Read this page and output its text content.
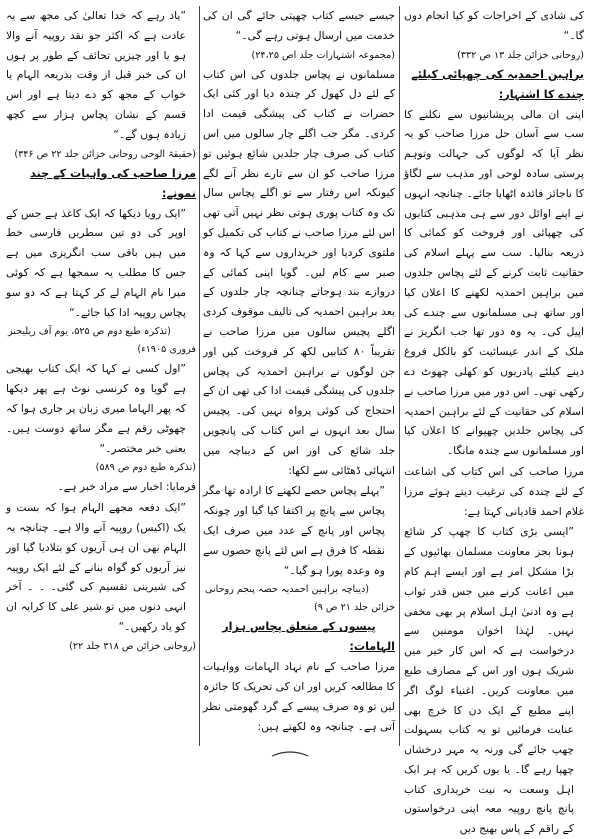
کی شادی کے اخراجات کو کیا انجام دوں گا۔“

(روحانی خزائن جلد ۱۳ ص ۳۳۲)

براہین احمدیہ کی چھپائی کیلئے چندے کا اشتہار:

اپنی ان مالی پریشانیوں سے نکلنے کا سب سے آسان حل مرزا صاحب کو یہ نظر آیا کہ لوگوں کی جہالت وتوہم پرستی سادہ لوحی اور مذہب سے لگاؤ کا ناجائز فائدہ اٹھایا جائے۔ چنانچہ انہوں نے اپنے اوائل دور سے ہی مذہبی کتابوں کی چھپائی اور فروخت کو کمائی کا ذریعہ بنالیا۔ سب سے پہلے اسلام کی حقانیت ثابت کرنے کے لئے پچاس جلدوں میں براہین احمدیہ لکھنے کا اعلان کیا اور ساتھ ہی مسلمانوں سے چندے کی اپیل کی۔ یہ وہ دور تھا جب انگریز نے ملک کے اندر عیسائیت کو بالکل فروغ دینے کیلئے پادریوں کو کھلی چھوٹ دے رکھی تھی۔ اس دور میں مرزا صاحب نے اسلام کی حقانیت کے لئے براہین احمدیہ کی پچاس جلدیں چھپوانے کا اعلان کیا اور مسلمانوں سے چندہ مانگا۔

مرزا صاحب کی اس کتاب کی اشاعت کے لئے چندہ کی ترغیب دیتے ہوئے مرزا غلام احمد قادیانی کہتا ہے:

”ایسی بڑی کتاب کا چھپ کر شائع ہونا بجز معاونت مسلمان بھائیوں کے بڑا مشکل امر ہے اور ایسے اہم کام میں اعانت کرنے میں جس قدر ثواب ہے وہ ادنیٰ اہل اسلام پر بھی مخفی نہیں۔ لہٰذا اخوان مومنین سے درخواست ہے کہ اس کار خیر میں شریک ہوں اور اس کے مصارف طبع میں معاونت کریں۔ اغنیاء لوگ اگر اپنے مطبع کے ایک دن کا خرچ بھی عنایت فرمائیں تو یہ کتاب بسہولت چھپ جائے گی ورنہ یہ مہر درخشاں چھپا رہے گا۔ یا یوں کریں کہ ہر ایک اہل وسعت بہ نیت خریداری کتاب پانچ پانچ روپیہ معہ اپنی درخواستوں کے راقم کے پاس بھیج دیں

جیسے جیسے کتاب چھپتی جائے گی ان کی خدمت میں ارسال ہوتی رہے گی۔“

(مجموعہ اشتہارات جلد اص ۲۴،۲۵)

مسلمانوں نے پچاس جلدوں کی اس کتاب کے لئے دل کھول کر چندہ دیا اور کئی ایک حضرات نے کتاب کی پیشگی قیمت ادا کردی۔ مگر جب اگلے چار سالوں میں اس کتاب کی صرف چار جلدیں شائع ہوئیں تو مرزا صاحب کو ان سے تارے نظر آنے لگے کیونکہ اس رفتار سے تو اگلے پچاس سال تک وہ کتاب پوری ہوتی نظر نہیں آتی تھی اس لئے مرزا صاحب نے کتاب کی تکمیل کو ملتوی کردیا اور خریداروں سے کہا کہ وہ صبر سے کام لیں۔ گویا اپنی کمائی کے دروازے بند ہوجاتے چنانچہ چار جلدوں کے بعد براہین احمدیہ کی تالیف موقوف کردی اگلے پچیس سالوں میں مرزا صاحب نے تقریباً ۸۰ کتابیں لکھ کر فروخت کیں اور جن لوگوں نے براہین احمدیہ کی پچاس جلدوں کی پیشگی قیمت ادا کی تھی ان کے احتجاج کی کوئی پرواہ نہیں کی۔ پچیس سال بعد انہوں نے اس کتاب کی پانچویں جلد شائع کی اور اس کے دیباچہ میں انتہائی ڈھٹائی سے لکھا:

”پہلے پچاس حصے لکھنے کا ارادہ تھا مگر پچاس سے پانچ پر اکتفا کیا گیا اور چونکہ پچاس اور پانچ کے عدد میں صرف ایک نقطہ کا فرق ہے اس لئے پانچ حصوں سے وہ وعدہ پورا ہو گیا۔“

(دیباچہ براہین احمدیہ حصہ پنجم روحانی خزائن جلد ۲۱ ص ۹)

پیسوں کے متعلق پچاس ہزار الہامات:

مرزا صاحب کے نام نہاد الہامات وواہیات کا مطالعہ کریں اور ان کی تحریک کا جائزہ لیں تو وہ صرف پیسے کے گرد گھومتی نظر آتی ہے۔ چنانچہ وہ لکھتے ہیں:

”یاد رہے کہ خدا تعالیٰ کی مجھ سے یہ عادت ہے کہ اکثر جو نقد روپیہ آنے والا ہو یا اور چیزیں تحائف کے طور پر ہوں ان کی خبر قبل از وقت بذریعہ الہام یا خواب کے مجھ کو دے دیتا ہے اور اس قسم کے نشان پچاس ہزار سے کچھ زیادہ ہوں گے۔“

(حقیقۃ الوحی روحانی خزائن جلد ۲۲ ص ۳۴۶)

مرزا صاحب کی واہیات کے چند نمونے:

”ایک رویا دیکھا کہ ایک کاغذ ہے جس کے اوپر کی دو تین سطریں فارسی خط میں ہیں باقی سب انگریزی میں ہے جس کا مطلب یہ سمجھا ہے کہ کوئی میرا نام الہام لے کر کہتا ہے کہ دو سو پچاس روپیہ ادا کیا جائے۔“

(تذکرہ طبع دوم ص ۵۲۵، یوم آف ریلیجنز فروری ۱۹۰۵ء)

”اول کسی نے کہا کہ ایک کتاب بھیجی ہے گویا وہ کرنسی نوٹ ہے پھر دیکھا کہ پھر الہاما میری زبان پر جاری ہوا کہ چھوٹی رقم ہے مگر ساتھ دوست ہیں۔ یعنی خبر مختصر۔“

(تذکرہ طبع دوم ص ۵۸۹)

فرمایا: اخبار سے مراد خبر ہے۔

”ایک دفعہ مجھے الہام ہوا کہ بست و یک (اکیس) روپیہ آنے والا ہے۔ چنانچہ یہ الہام بھی ان ہی آریوں کو بتلادیا گیا اور نیز آریوں کو گواہ بنانے کے لئے ایک روپیہ کی شیرینی تقسیم کی گئی۔ ۔ ۔ آخر انہی دنوں میں تو شیر علی کا کرایہ ان کو یاد رکھیں۔“

(روحانی خزائن ص ۳۱۸ جلد ۲۲)
